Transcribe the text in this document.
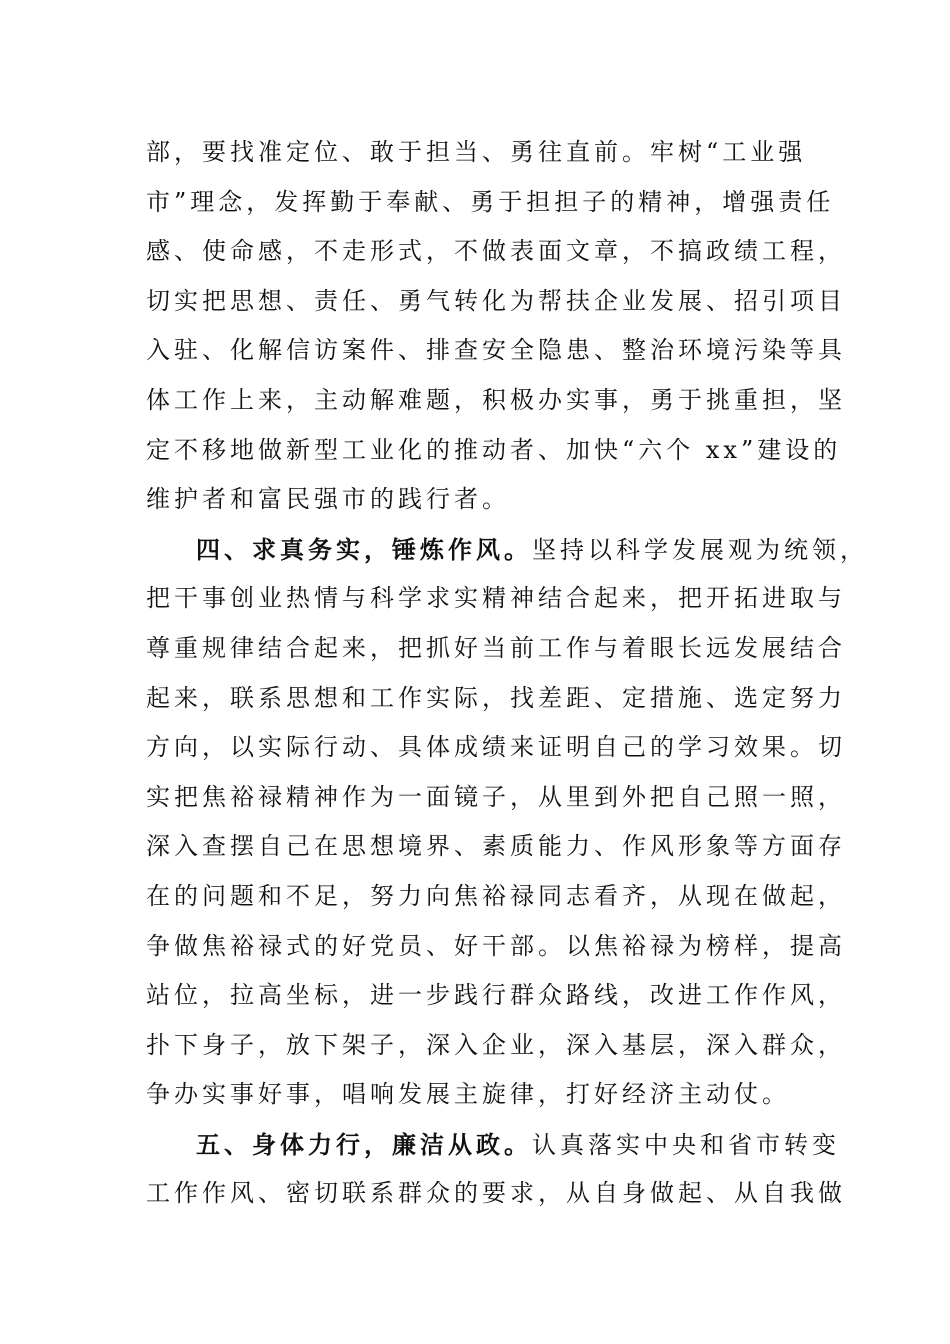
部，要找准定位、敢于担当、勇往直前。牢树“工业强
市”理念，发挥勤于奉献、勇于担担子的精神，增强责任
感、使命感，不走形式，不做表面文章，不搞政绩工程，
切实把思想、责任、勇气转化为帮扶企业发展、招引项目
入驻、化解信访案件、排查安全隐患、整治环境污染等具
体工作上来，主动解难题，积极办实事，勇于挑重担，坚
定不移地做新型工业化的推动者、加快“六个 xx”建设的
维护者和富民强市的践行者。
四、求真务实，锤炼作风。坚持以科学发展观为统领，
把干事创业热情与科学求实精神结合起来，把开拓进取与
尊重规律结合起来，把抓好当前工作与着眼长远发展结合
起来，联系思想和工作实际，找差距、定措施、选定努力
方向，以实际行动、具体成绩来证明自己的学习效果。切
实把焦裕禄精神作为一面镜子，从里到外把自己照一照，
深入查摆自己在思想境界、素质能力、作风形象等方面存
在的问题和不足，努力向焦裕禄同志看齐，从现在做起，
争做焦裕禄式的好党员、好干部。以焦裕禄为榜样，提高
站位，拉高坐标，进一步践行群众路线，改进工作作风，
扑下身子，放下架子，深入企业，深入基层，深入群众，
争办实事好事，唱响发展主旋律，打好经济主动仗。
五、身体力行，廉洁从政。认真落实中央和省市转变
工作作风、密切联系群众的要求，从自身做起、从自我做
